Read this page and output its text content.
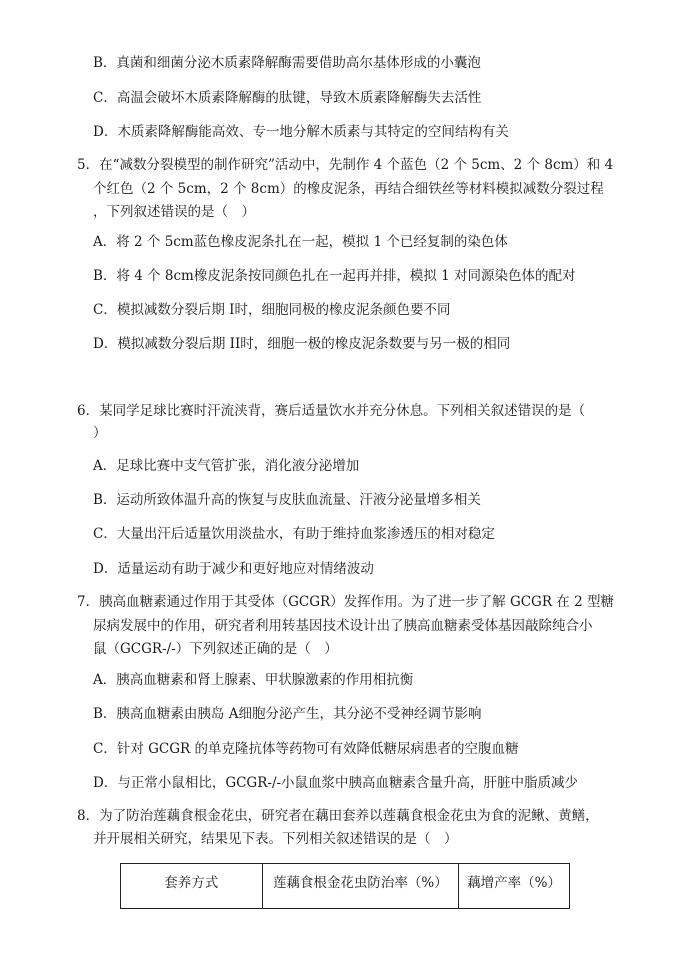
B．真菌和细菌分泌木质素降解酶需要借助高尔基体形成的小囊泡
C．高温会破坏木质素降解酶的肽键，导致木质素降解酶失去活性
D．木质素降解酶能高效、专一地分解木质素与其特定的空间结构有关
5．在“减数分裂模型的制作研究”活动中，先制作 4 个蓝色（2 个 5cm、2 个 8cm）和 4
个红色（2 个 5cm，2 个 8cm）的橡皮泥条，再结合细铁丝等材料模拟减数分裂过程
，下列叙述错误的是（　）
A．将 2 个 5cm蓝色橡皮泥条扎在一起，模拟 1 个已经复制的染色体
B．将 4 个 8cm橡皮泥条按同颜色扎在一起再并排，模拟 1 对同源染色体的配对
C．模拟减数分裂后期 I时，细胞同极的橡皮泥条颜色要不同
D．模拟减数分裂后期 II时，细胞一极的橡皮泥条数要与另一极的相同
6．某同学足球比赛时汗流浃背，赛后适量饮水并充分休息。下列相关叙述错误的是（
）
A．足球比赛中支气管扩张，消化液分泌增加
B．运动所致体温升高的恢复与皮肤血流量、汗液分泌量增多相关
C．大量出汗后适量饮用淡盐水，有助于维持血浆渗透压的相对稳定
D．适量运动有助于减少和更好地应对情绪波动
7．胰高血糖素通过作用于其受体（GCGR）发挥作用。为了进一步了解 GCGR 在 2 型糖
尿病发展中的作用，研究者利用转基因技术设计出了胰高血糖素受体基因敲除纯合小
鼠（GCGR-/-）下列叙述正确的是（　）
A．胰高血糖素和肾上腺素、甲状腺激素的作用相抗衡
B．胰高血糖素由胰岛 A细胞分泌产生，其分泌不受神经调节影响
C．针对 GCGR 的单克隆抗体等药物可有效降低糖尿病患者的空腹血糖
D．与正常小鼠相比，GCGR-/-小鼠血浆中胰高血糖素含量升高，肝脏中脂质减少
8．为了防治莲藕食根金花虫，研究者在藕田套养以莲藕食根金花虫为食的泥鳅、黄鳝，
并开展相关研究，结果见下表。下列相关叙述错误的是（　）
套养方式	莲藕食根金花虫防治率（%）	藕增产率（%）
